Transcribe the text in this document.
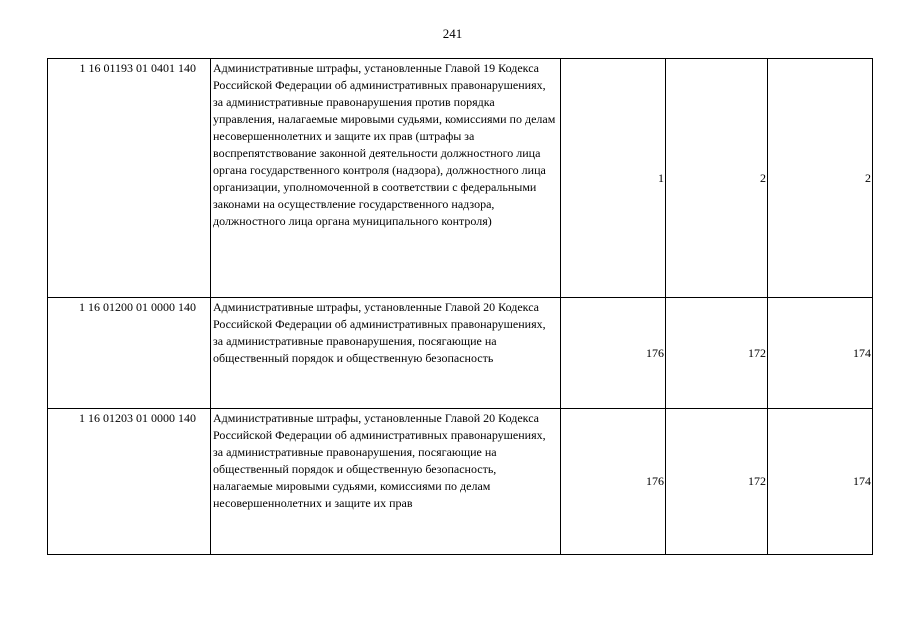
241
1 16 01193 01 0401 140	Административные штрафы, установленные Главой 19 Кодекса Российской Федерации об административных правонарушениях, за административные правонарушения против порядка управления, налагаемые мировыми судьями, комиссиями по делам несовершеннолетних и защите их прав (штрафы за воспрепятствование законной деятельности должностного лица органа государственного контроля (надзора), должностного лица организации, уполномоченной в соответствии с федеральными законами на осуществление государственного надзора, должностного лица органа муниципального контроля)	1	2	2
1 16 01200 01 0000 140	Административные штрафы, установленные Главой 20 Кодекса Российской Федерации об административных правонарушениях, за административные правонарушения, посягающие на общественный порядок и общественную безопасность	176	172	174
1 16 01203 01 0000 140	Административные штрафы, установленные Главой 20 Кодекса Российской Федерации об административных правонарушениях, за административные правонарушения, посягающие на общественный порядок и общественную безопасность, налагаемые мировыми судьями, комиссиями по делам несовершеннолетних и защите их прав	176	172	174
